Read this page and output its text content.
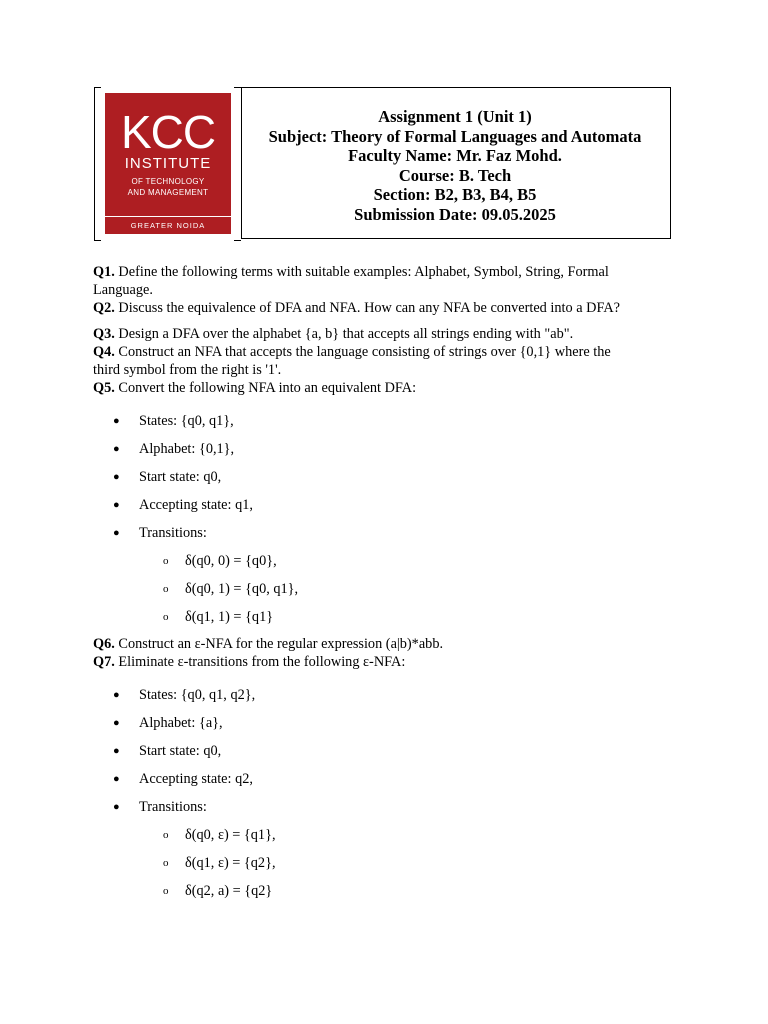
KCC
INSTITUTE
OF TECHNOLOGY
AND MANAGEMENT
GREATER NOIDA
Assignment 1 (Unit 1)
Subject: Theory of Formal Languages and Automata
Faculty Name: Mr. Faz Mohd.
Course: B. Tech
Section: B2, B3, B4, B5
Submission Date: 09.05.2025

Q1. Define the following terms with suitable examples: Alphabet, Symbol, String, Formal
Language.

Q2. Discuss the equivalence of DFA and NFA. How can any NFA be converted into a DFA?

Q3. Design a DFA over the alphabet {a, b} that accepts all strings ending with "ab".

Q4. Construct an NFA that accepts the language consisting of strings over {0,1} where the
third symbol from the right is '1'.

Q5. Convert the following NFA into an equivalent DFA:

● States: {q0, q1},
● Alphabet: {0,1},
● Start state: q0,
● Accepting state: q1,
● Transitions:
o δ(q0, 0) = {q0},
o δ(q0, 1) = {q0, q1},
o δ(q1, 1) = {q1}

Q6. Construct an ε-NFA for the regular expression (a|b)*abb.

Q7. Eliminate ε-transitions from the following ε-NFA:

● States: {q0, q1, q2},
● Alphabet: {a},
● Start state: q0,
● Accepting state: q2,
● Transitions:
o δ(q0, ε) = {q1},
o δ(q1, ε) = {q2},
o δ(q2, a) = {q2}
